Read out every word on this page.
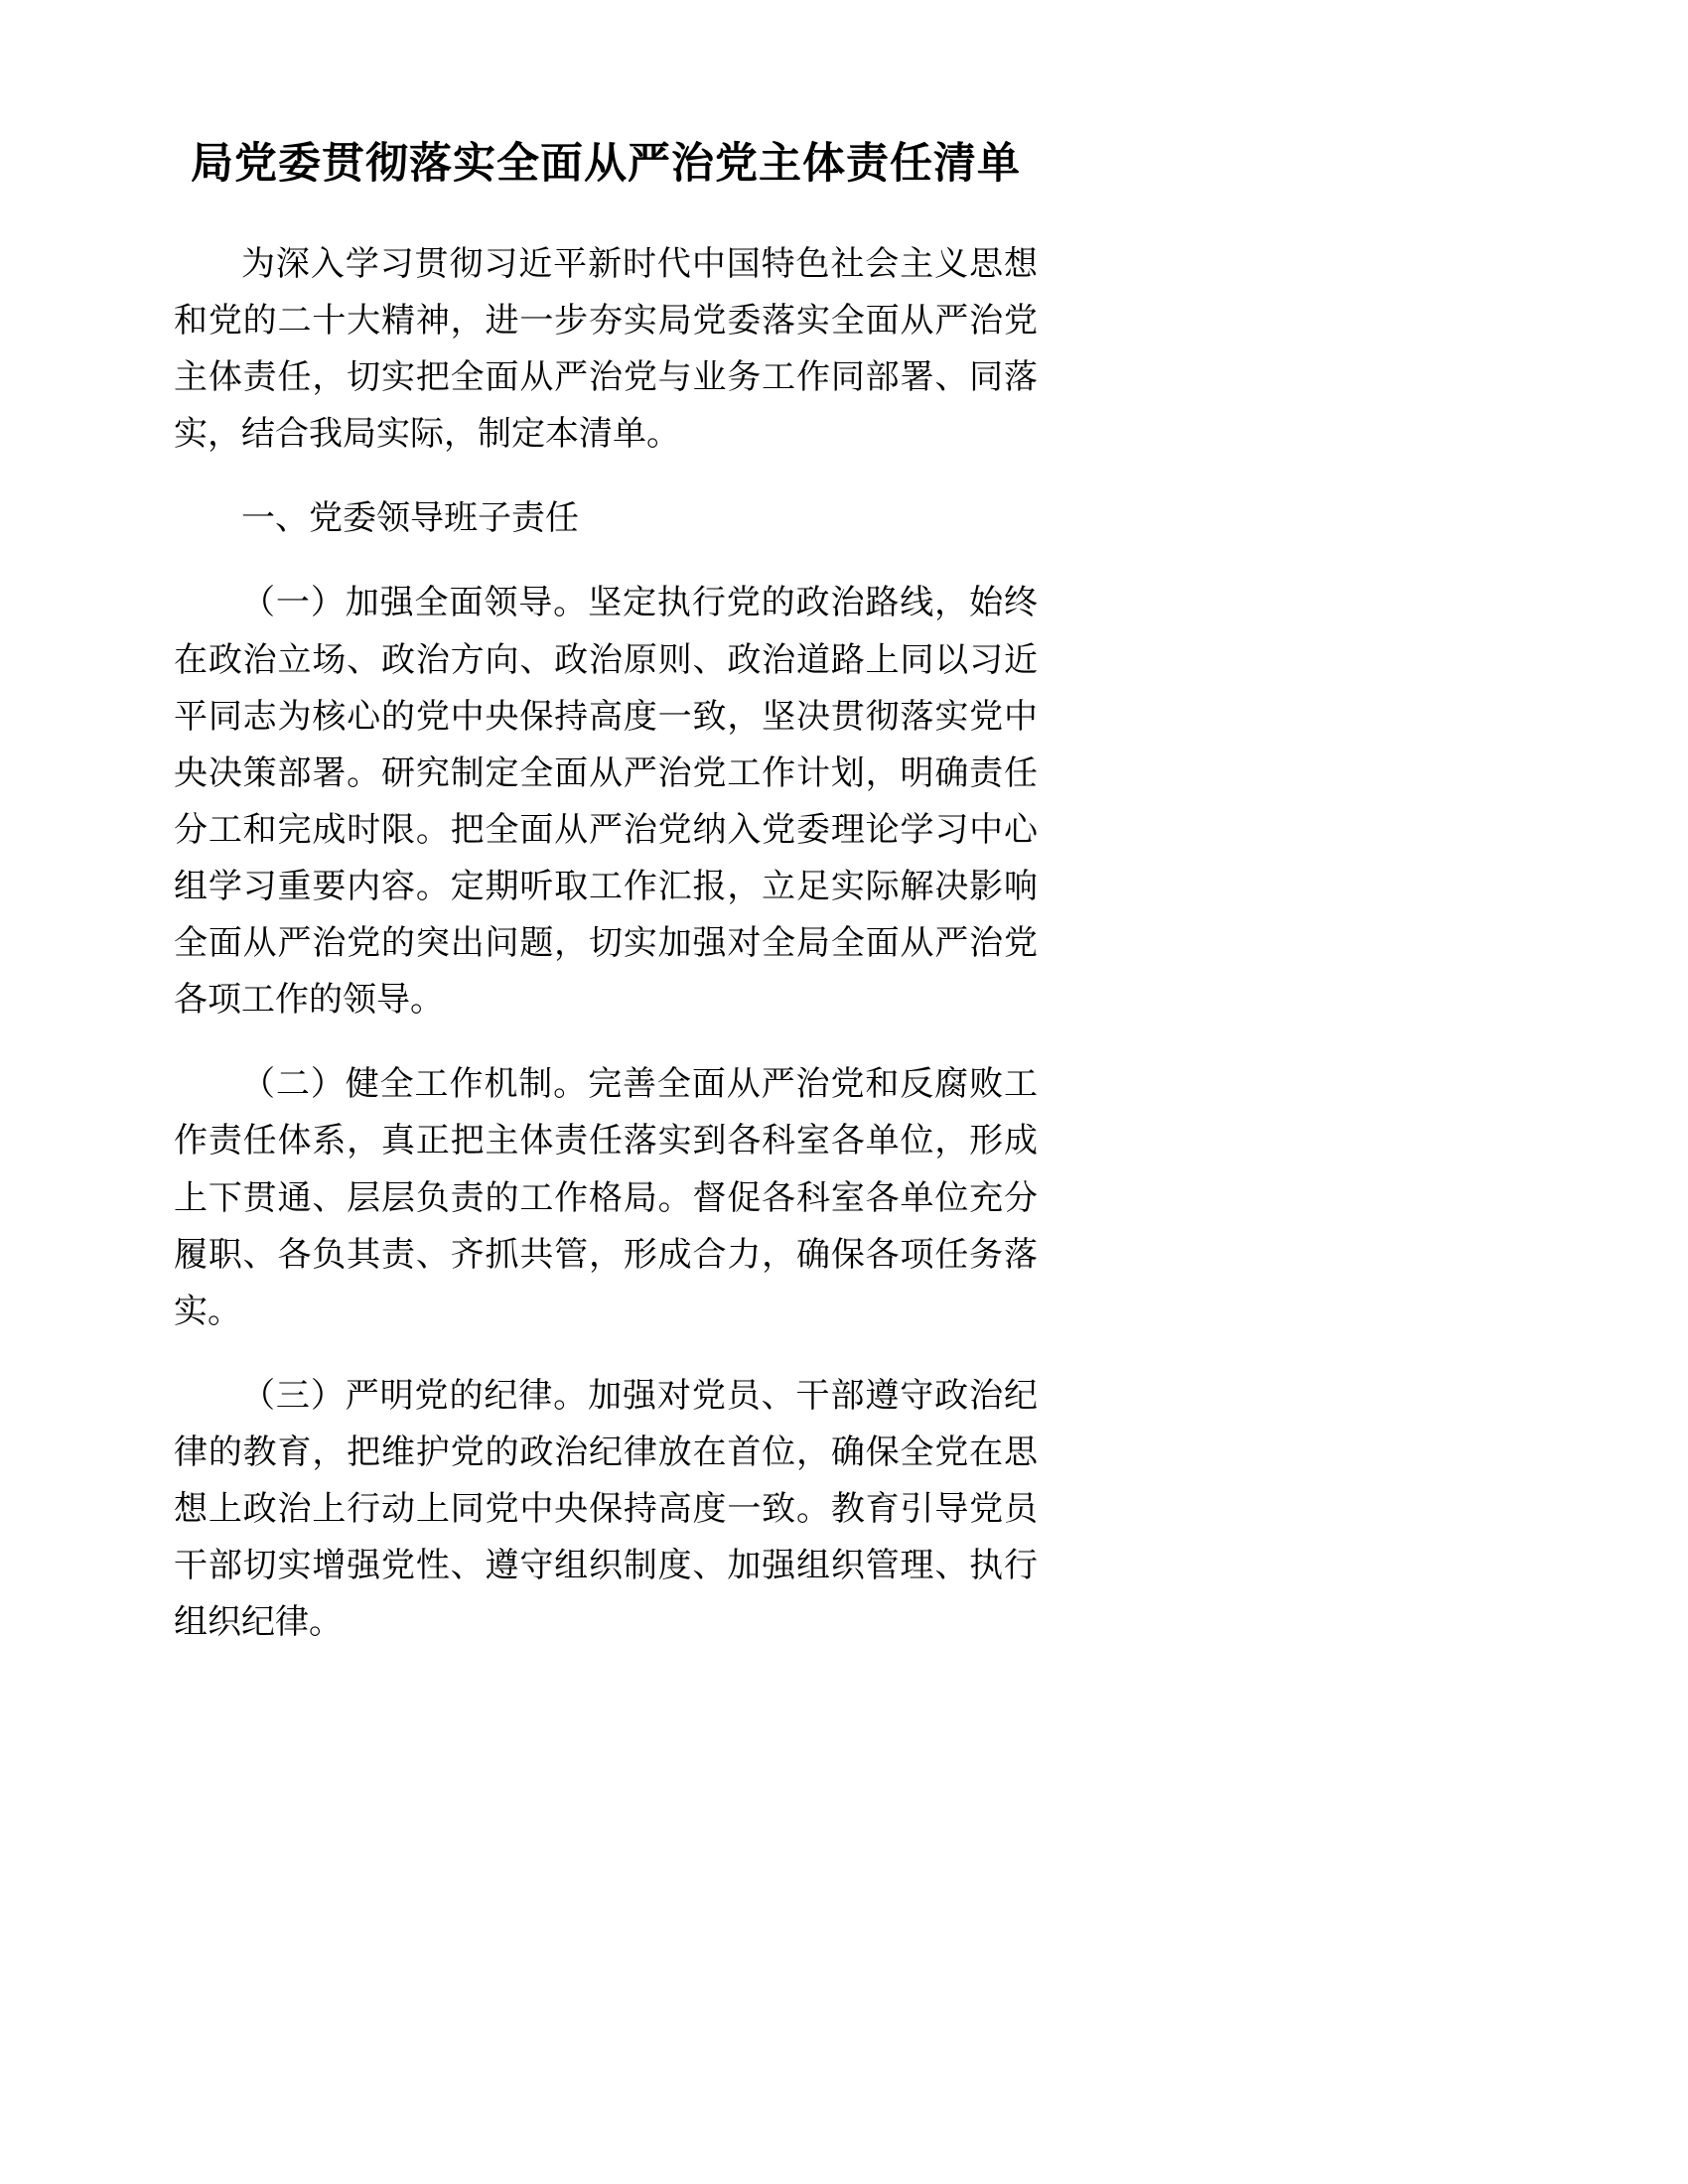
局党委贯彻落实全面从严治党主体责任清单

为深入学习贯彻习近平新时代中国特色社会主义思想和党的二十大精神，进一步夯实局党委落实全面从严治党主体责任，切实把全面从严治党与业务工作同部署、同落实，结合我局实际，制定本清单。

一、党委领导班子责任

（一）加强全面领导。坚定执行党的政治路线，始终在政治立场、政治方向、政治原则、政治道路上同以习近平同志为核心的党中央保持高度一致，坚决贯彻落实党中央决策部署。研究制定全面从严治党工作计划，明确责任分工和完成时限。把全面从严治党纳入党委理论学习中心组学习重要内容。定期听取工作汇报，立足实际解决影响全面从严治党的突出问题，切实加强对全局全面从严治党各项工作的领导。

（二）健全工作机制。完善全面从严治党和反腐败工作责任体系，真正把主体责任落实到各科室各单位，形成上下贯通、层层负责的工作格局。督促各科室各单位充分履职、各负其责、齐抓共管，形成合力，确保各项任务落实。

（三）严明党的纪律。加强对党员、干部遵守政治纪律的教育，把维护党的政治纪律放在首位，确保全党在思想上政治上行动上同党中央保持高度一致。教育引导党员干部切实增强党性、遵守组织制度、加强组织管理、执行组织纪律。
